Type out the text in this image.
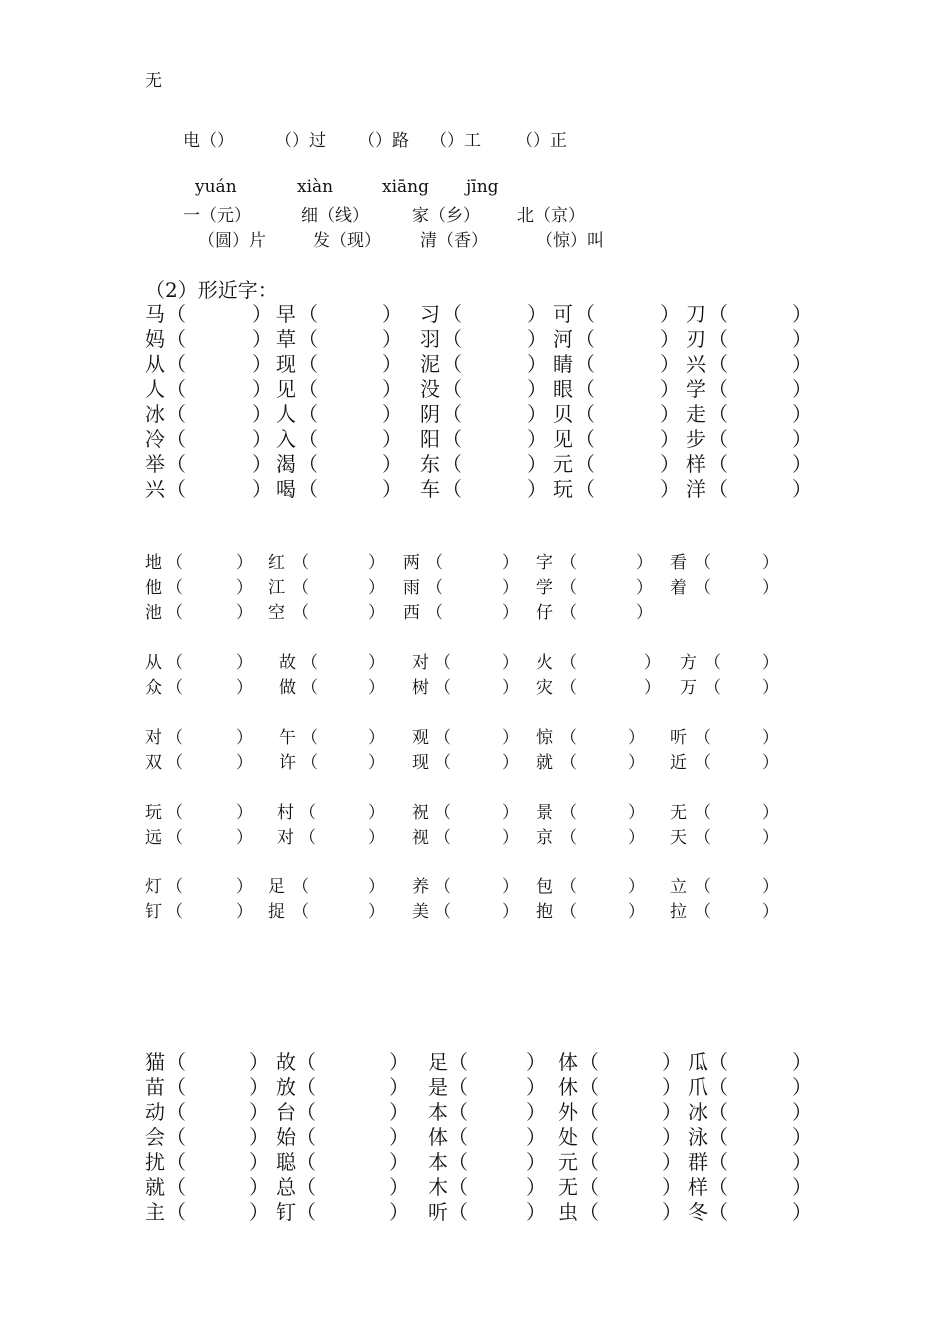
无
电（） （）过 （）路 （）工 （）正
yuán	xiàn	xiāng jīng
一（元）	细（线）	家（乡） 北（京）
（圆）片	发（现） 清（香）	（惊）叫
（2）形近字：
马 （	） 早 （	） 习 （	） 可 （	） 刀 （	）
妈 （	） 草 （	） 羽 （	） 河 （	） 刃 （	）
从 （	） 现 （	） 泥 （	） 睛 （	） 兴 （	）
人 （	） 见 （	） 没 （	） 眼 （	） 学 （	）
冰 （	） 人 （	） 阴 （	） 贝 （	） 走 （	）
冷 （	） 入 （	） 阳 （	） 见 （	） 步 （	）
举 （	） 渴 （	） 东 （	） 元 （	） 样 （	）
兴 （	） 喝 （	） 车 （	） 玩 （	） 洋 （	）
地 （	） 红 （	） 两 （	） 字 （	） 看 （	）
他 （	） 江 （	） 雨 （	） 学 （	） 着 （	）
池 （	） 空 （	） 西 （	） 仔 （	）
从 （	） 故 （	） 对 （	） 火 （	） 方 （ ）
众 （	） 做 （	） 树 （	） 灾 （	） 万 （ ）
对 （	） 午 （	） 观 （	） 惊 （	） 听 （	）
双 （	） 许 （	） 现 （	） 就 （	） 近 （	）
玩 （	） 村 （	） 祝 （	） 景 （	） 无 （	）
远 （	） 对 （	） 视 （	） 京 （	） 天 （	）
灯 （	） 足 （	） 养 （	） 包 （	） 立 （	）
钉 （	） 捉 （	） 美 （	） 抱 （	） 拉 （	）
猫 （	） 故 （	） 足 （	） 体 （	） 瓜 （	）
苗 （	） 放 （	） 是 （	） 休 （	） 爪 （	）
动 （	） 台 （	） 本 （	） 外 （	） 冰 （	）
会 （	） 始 （	） 体 （	） 处 （	） 泳 （	）
扰 （	） 聪 （	） 本 （	） 元 （	） 群 （	）
就 （	） 总 （	） 木 （	） 无 （	） 样 （	）
主 （	） 钉 （	） 听 （	） 虫 （	） 冬 （	）
